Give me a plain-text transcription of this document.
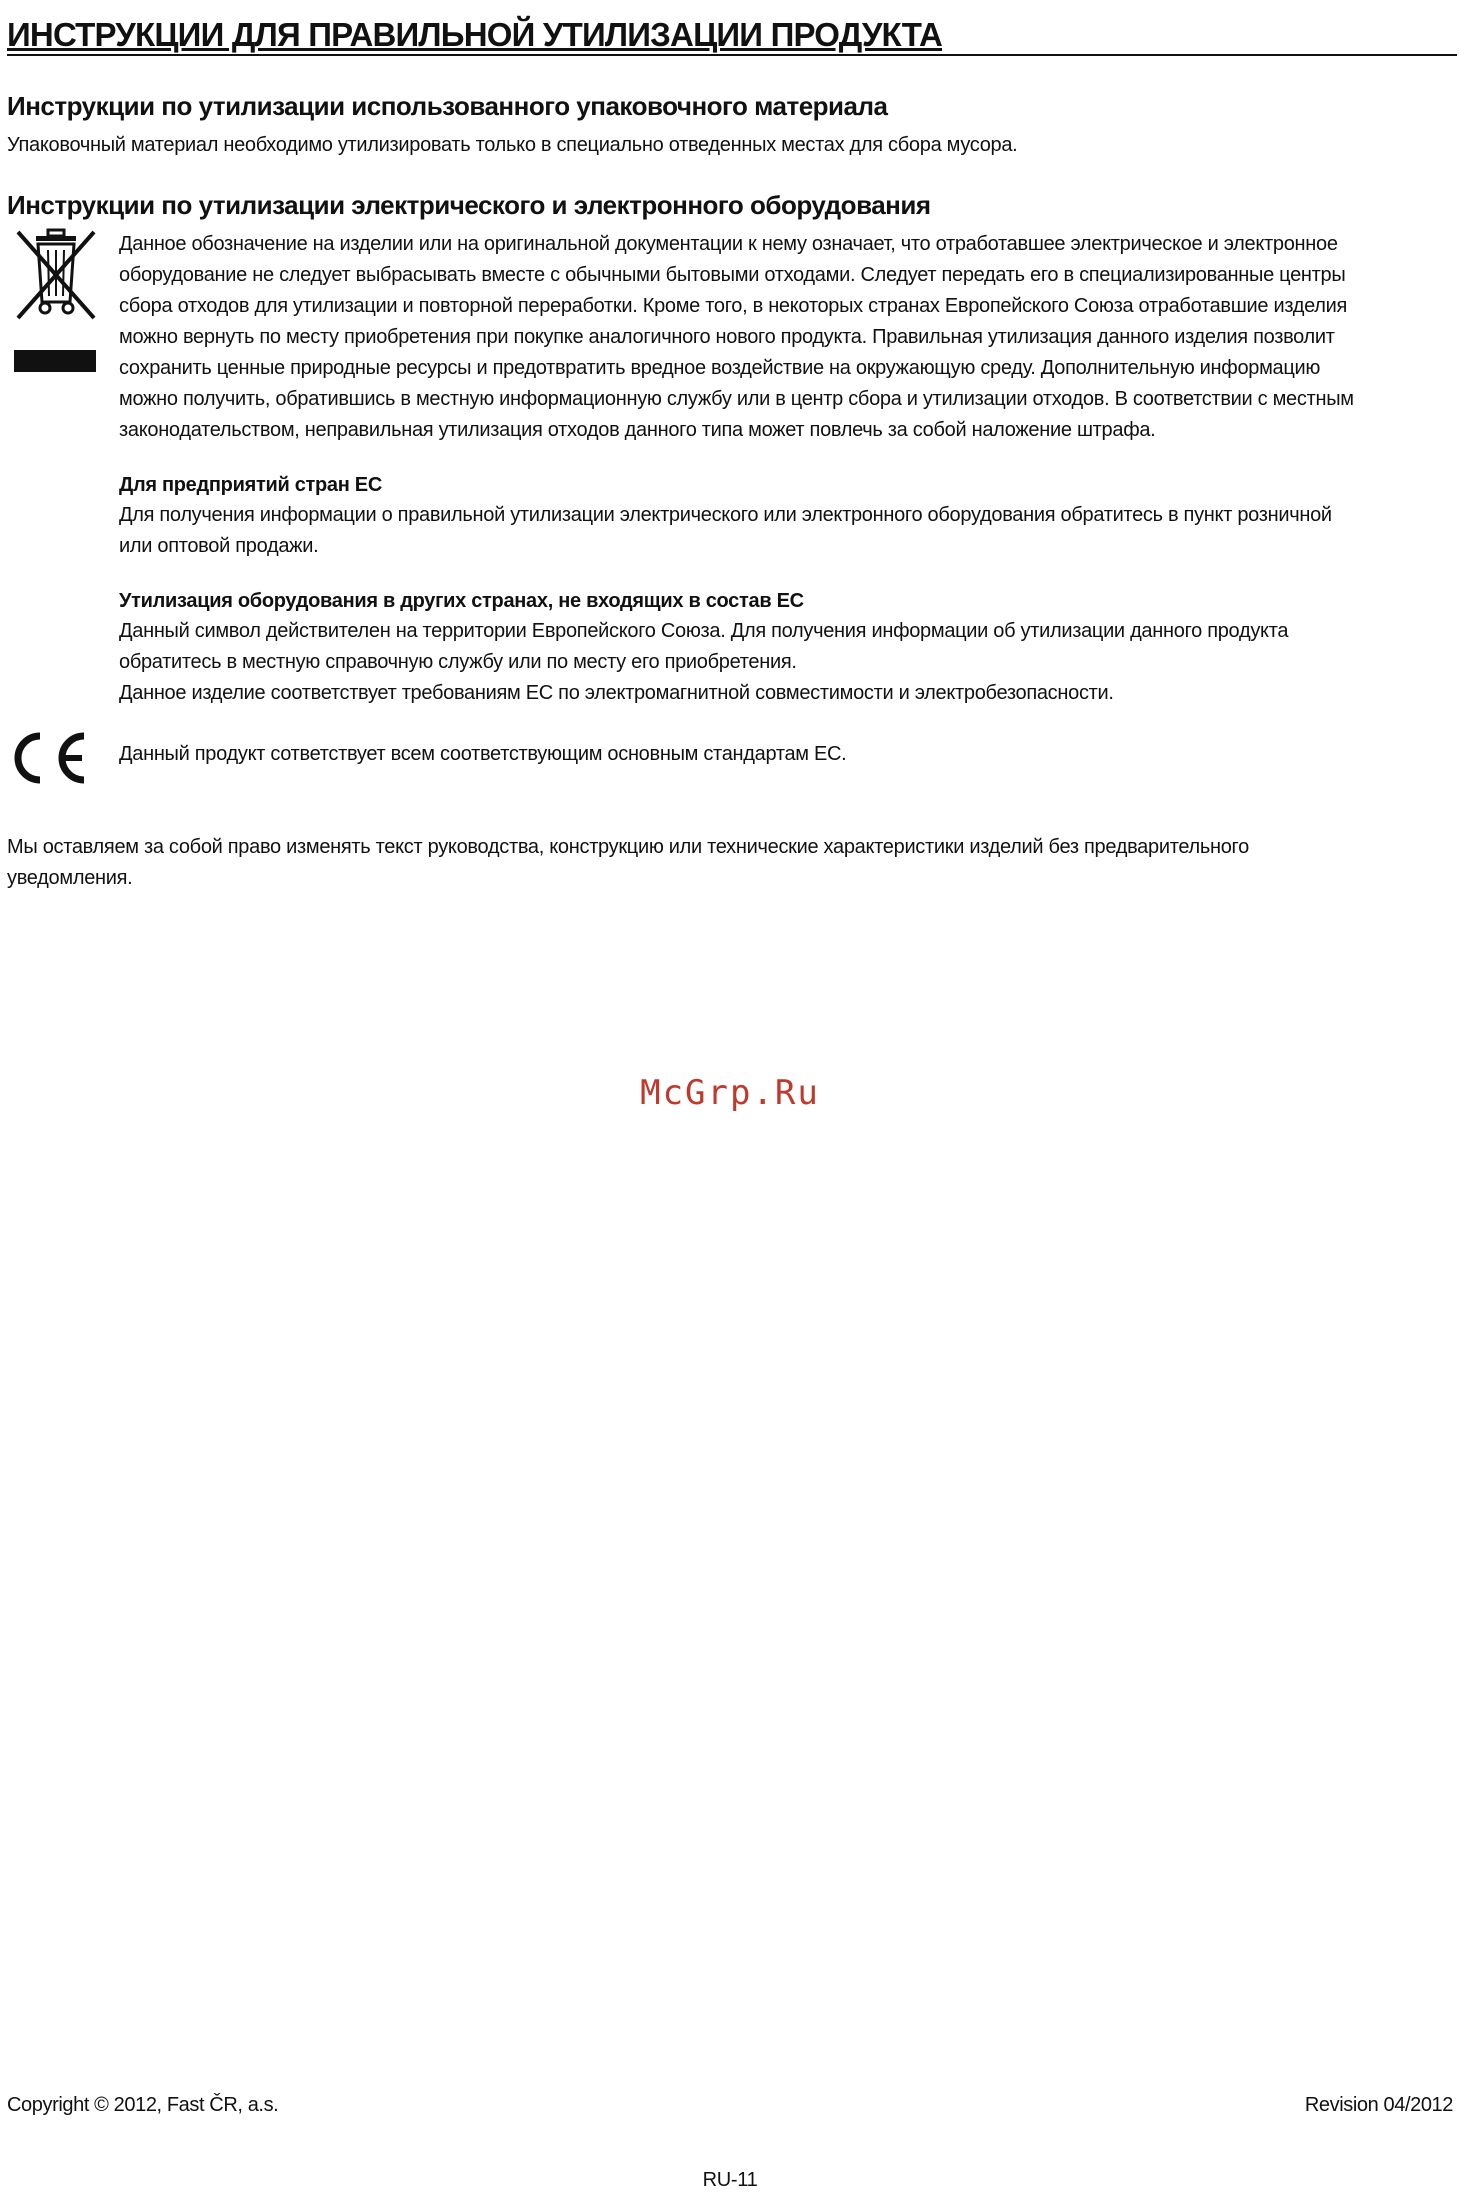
ИНСТРУКЦИИ ДЛЯ ПРАВИЛЬНОЙ УТИЛИЗАЦИИ ПРОДУКТА
Инструкции по утилизации использованного упаковочного материала
Упаковочный материал необходимо утилизировать только в специально отведенных местах для сбора мусора.
Инструкции по утилизации электрического и электронного оборудования
Данное обозначение на изделии или на оригинальной документации к нему означает, что отработавшее электрическое и электронное
оборудование не следует выбрасывать вместе с обычными бытовыми отходами. Следует передать его в специализированные центры
сбора отходов для утилизации и повторной переработки. Кроме того, в некоторых странах Европейского Союза отработавшие изделия
можно вернуть по месту приобретения при покупке аналогичного нового продукта. Правильная утилизация данного изделия позволит
сохранить ценные природные ресурсы и предотвратить вредное воздействие на окружающую среду. Дополнительную информацию
можно получить, обратившись в местную информационную службу или в центр сбора и утилизации отходов. В соответствии с местным
законодательством, неправильная утилизация отходов данного типа может повлечь за собой наложение штрафа.
Для предприятий стран ЕС
Для получения информации о правильной утилизации электрического или электронного оборудования обратитесь в пункт розничной
или оптовой продажи.
Утилизация оборудования в других странах, не входящих в состав ЕС
Данный символ действителен на территории Европейского Союза. Для получения информации об утилизации данного продукта
обратитесь в местную справочную службу или по месту его приобретения.
Данное изделие соответствует требованиям ЕС по электромагнитной совместимости и электробезопасности.
Данный продукт сответствует всем соответствующим основным стандартам ЕС.
Мы оставляем за собой право изменять текст руководства, конструкцию или технические характеристики изделий без предварительного
уведомления.
McGrp.Ru
Copyright © 2012, Fast ČR, a.s.	Revision 04/2012
RU-11
